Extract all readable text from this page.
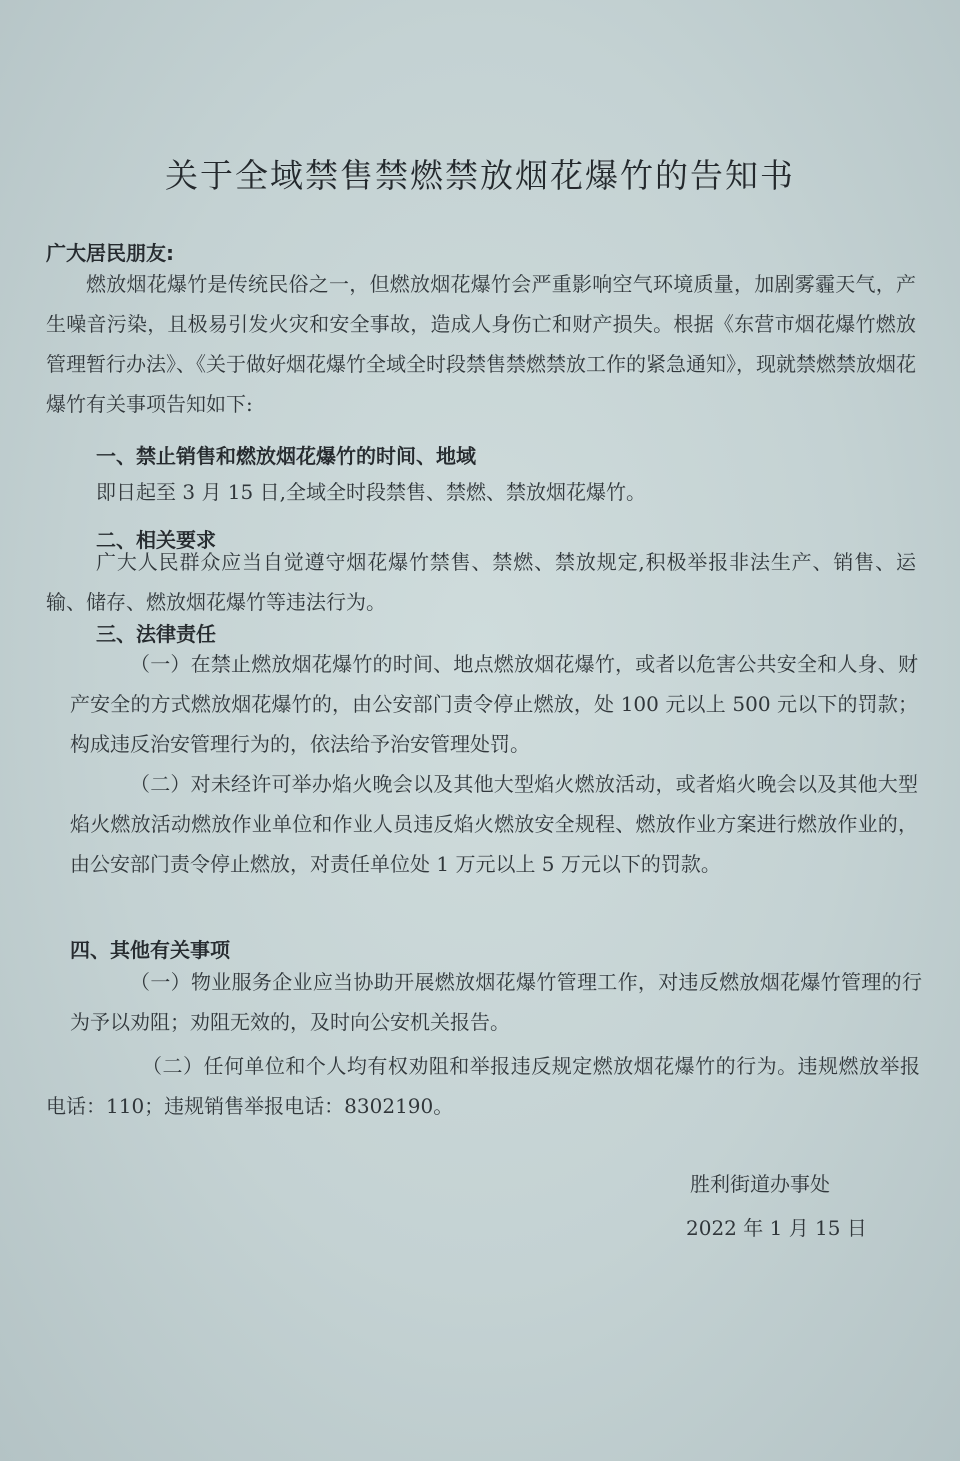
关于全域禁售禁燃禁放烟花爆竹的告知书
广大居民朋友:

燃放烟花爆竹是传统民俗之一，但燃放烟花爆竹会严重影响空气环境质量，加剧雾霾天气，产生噪音污染，且极易引发火灾和安全事故，造成人身伤亡和财产损失。根据《东营市烟花爆竹燃放管理暂行办法》、《关于做好烟花爆竹全域全时段禁售禁燃禁放工作的紧急通知》，现就禁燃禁放烟花爆竹有关事项告知如下:

一、禁止销售和燃放烟花爆竹的时间、地域
即日起至 3 月 15 日,全域全时段禁售、禁燃、禁放烟花爆竹。
二、相关要求
广大人民群众应当自觉遵守烟花爆竹禁售、禁燃、禁放规定,积极举报非法生产、销售、运输、储存、燃放烟花爆竹等违法行为。
三、法律责任
（一）在禁止燃放烟花爆竹的时间、地点燃放烟花爆竹，或者以危害公共安全和人身、财产安全的方式燃放烟花爆竹的，由公安部门责令停止燃放，处 100 元以上 500 元以下的罚款；构成违反治安管理行为的，依法给予治安管理处罚。
（二）对未经许可举办焰火晚会以及其他大型焰火燃放活动，或者焰火晚会以及其他大型焰火燃放活动燃放作业单位和作业人员违反焰火燃放安全规程、燃放作业方案进行燃放作业的，由公安部门责令停止燃放，对责任单位处 1 万元以上 5 万元以下的罚款。
四、其他有关事项
（一）物业服务企业应当协助开展燃放烟花爆竹管理工作，对违反燃放烟花爆竹管理的行为予以劝阻；劝阻无效的，及时向公安机关报告。
（二）任何单位和个人均有权劝阻和举报违反规定燃放烟花爆竹的行为。违规燃放举报电话：110；违规销售举报电话：8302190。
胜利街道办事处
2022 年 1 月 15 日
